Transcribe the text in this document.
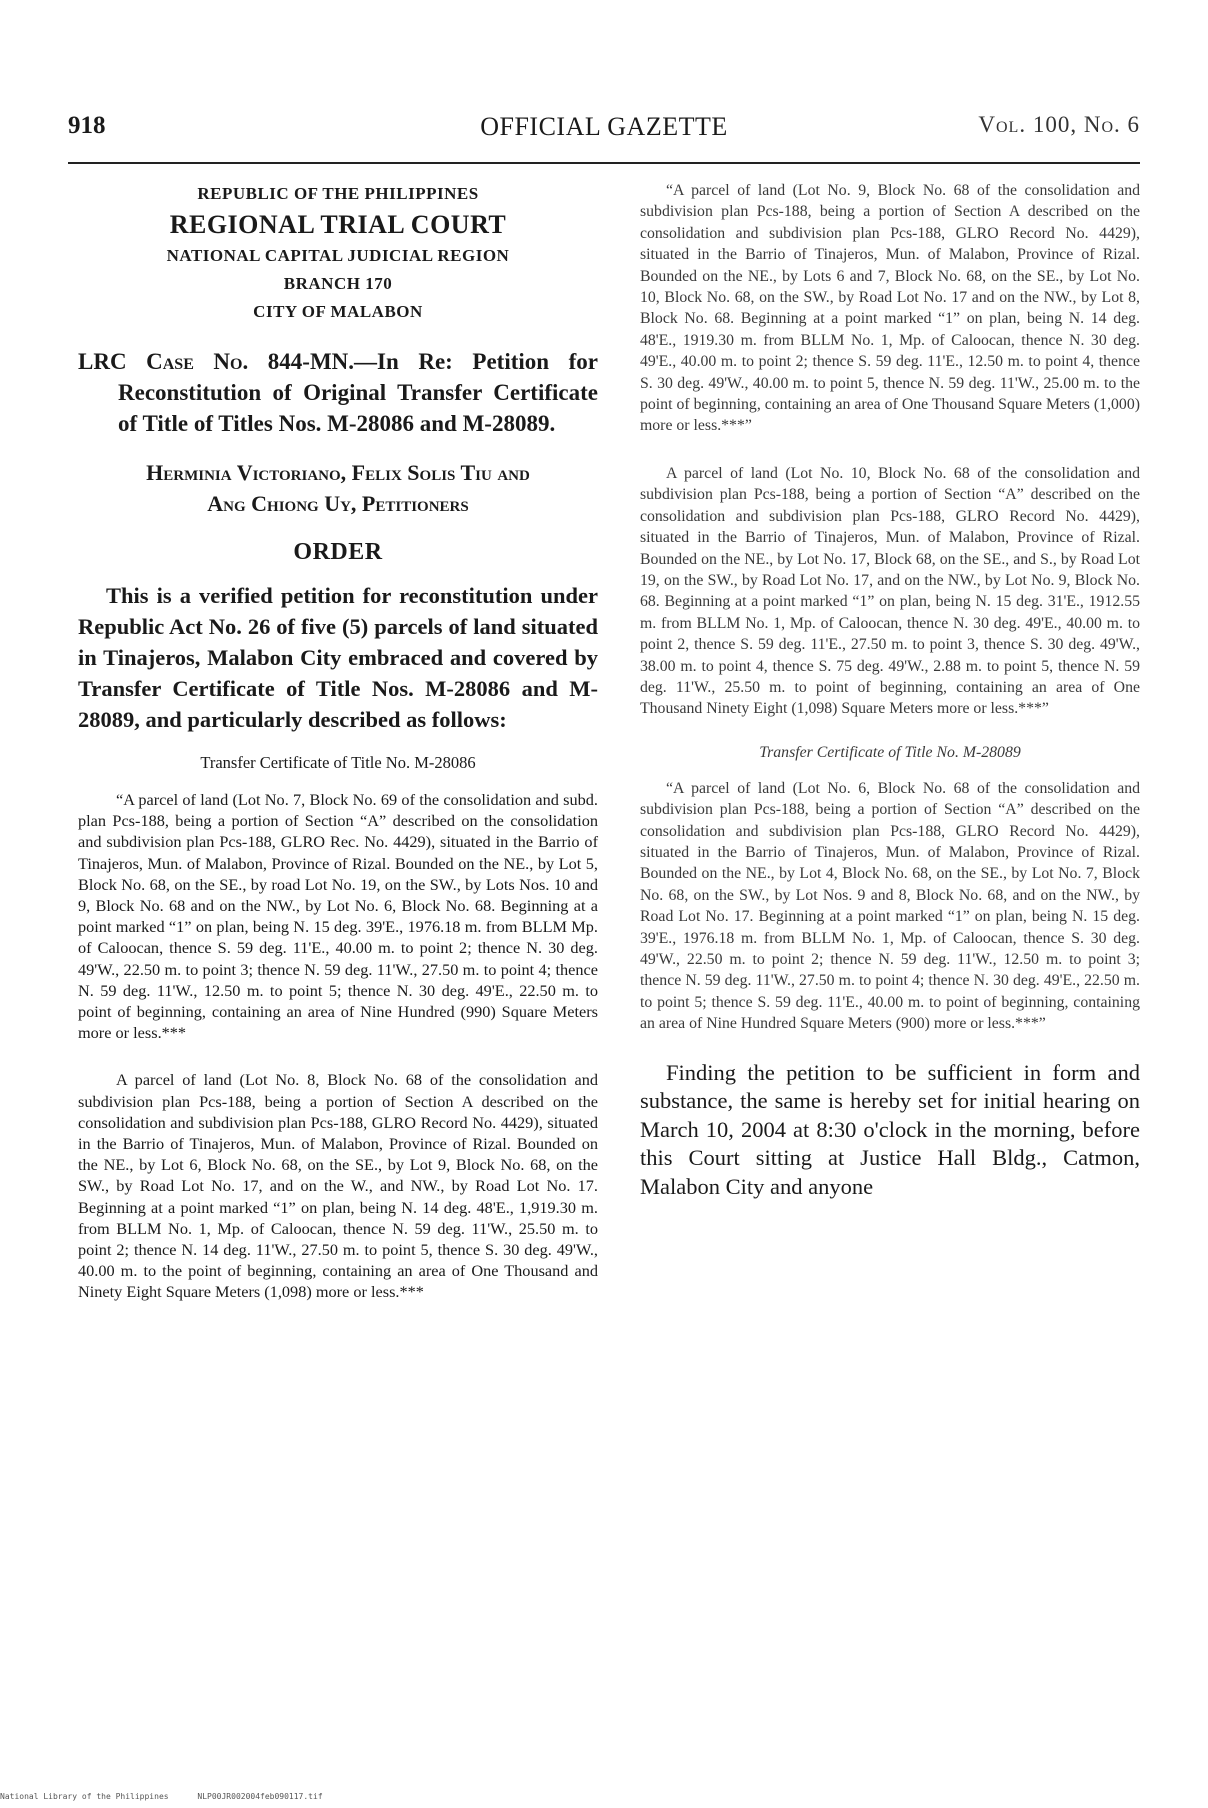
918	OFFICIAL GAZETTE	Vol. 100, No. 6

REPUBLIC OF THE PHILIPPINES

REGIONAL TRIAL COURT

NATIONAL CAPITAL JUDICIAL REGION

BRANCH 170

CITY OF MALABON

LRC Case No. 844-MN.—In Re: Petition for Reconstitution of Original Transfer Certificate of Title of Titles Nos. M-28086 and M-28089.

Herminia Victoriano, Felix Solis Tiu and
Ang Chiong Uy, Petitioners

ORDER

This is a verified petition for reconstitution under Republic Act No. 26 of five (5) parcels of land situated in Tinajeros, Malabon City embraced and covered by Transfer Certificate of Title Nos. M-28086 and M-28089, and particularly described as follows:

Transfer Certificate of Title No. M-28086

“A parcel of land (Lot No. 7, Block No. 69 of the consolidation and subd. plan Pcs-188, being a portion of Section “A” described on the consolidation and subdivision plan Pcs-188, GLRO Rec. No. 4429), situated in the Barrio of Tinajeros, Mun. of Malabon, Province of Rizal. Bounded on the NE., by Lot 5, Block No. 68, on the SE., by road Lot No. 19, on the SW., by Lots Nos. 10 and 9, Block No. 68 and on the NW., by Lot No. 6, Block No. 68. Beginning at a point marked “1” on plan, being N. 15 deg. 39'E., 1976.18 m. from BLLM Mp. of Caloocan, thence S. 59 deg. 11'E., 40.00 m. to point 2; thence N. 30 deg. 49'W., 22.50 m. to point 3; thence N. 59 deg. 11'W., 27.50 m. to point 4; thence N. 59 deg. 11'W., 12.50 m. to point 5; thence N. 30 deg. 49'E., 22.50 m. to point of beginning, containing an area of Nine Hundred (990) Square Meters more or less.***

A parcel of land (Lot No. 8, Block No. 68 of the consolidation and subdivision plan Pcs-188, being a portion of Section A described on the consolidation and subdivision plan Pcs-188, GLRO Record No. 4429), situated in the Barrio of Tinajeros, Mun. of Malabon, Province of Rizal. Bounded on the NE., by Lot 6, Block No. 68, on the SE., by Lot 9, Block No. 68, on the SW., by Road Lot No. 17, and on the W., and NW., by Road Lot No. 17. Beginning at a point marked “1” on plan, being N. 14 deg. 48'E., 1,919.30 m. from BLLM No. 1, Mp. of Caloocan, thence N. 59 deg. 11'W., 25.50 m. to point 2; thence N. 14 deg. 11'W., 27.50 m. to point 5, thence S. 30 deg. 49'W., 40.00 m. to the point of beginning, containing an area of One Thousand and Ninety Eight Square Meters (1,098) more or less.***

“A parcel of land (Lot No. 9, Block No. 68 of the consolidation and subdivision plan Pcs-188, being a portion of Section A described on the consolidation and subdivision plan Pcs-188, GLRO Record No. 4429), situated in the Barrio of Tinajeros, Mun. of Malabon, Province of Rizal. Bounded on the NE., by Lots 6 and 7, Block No. 68, on the SE., by Lot No. 10, Block No. 68, on the SW., by Road Lot No. 17 and on the NW., by Lot 8, Block No. 68. Beginning at a point marked “1” on plan, being N. 14 deg. 48'E., 1919.30 m. from BLLM No. 1, Mp. of Caloocan, thence N. 30 deg. 49'E., 40.00 m. to point 2; thence S. 59 deg. 11'E., 12.50 m. to point 4, thence S. 30 deg. 49'W., 40.00 m. to point 5, thence N. 59 deg. 11'W., 25.00 m. to the point of beginning, containing an area of One Thousand Square Meters (1,000) more or less.***”

A parcel of land (Lot No. 10, Block No. 68 of the consolidation and subdivision plan Pcs-188, being a portion of Section “A” described on the consolidation and subdivision plan Pcs-188, GLRO Record No. 4429), situated in the Barrio of Tinajeros, Mun. of Malabon, Province of Rizal. Bounded on the NE., by Lot No. 17, Block 68, on the SE., and S., by Road Lot 19, on the SW., by Road Lot No. 17, and on the NW., by Lot No. 9, Block No. 68. Beginning at a point marked “1” on plan, being N. 15 deg. 31'E., 1912.55 m. from BLLM No. 1, Mp. of Caloocan, thence N. 30 deg. 49'E., 40.00 m. to point 2, thence S. 59 deg. 11'E., 27.50 m. to point 3, thence S. 30 deg. 49'W., 38.00 m. to point 4, thence S. 75 deg. 49'W., 2.88 m. to point 5, thence N. 59 deg. 11'W., 25.50 m. to point of beginning, containing an area of One Thousand Ninety Eight (1,098) Square Meters more or less.***”

Transfer Certificate of Title No. M-28089

“A parcel of land (Lot No. 6, Block No. 68 of the consolidation and subdivision plan Pcs-188, being a portion of Section “A” described on the consolidation and subdivision plan Pcs-188, GLRO Record No. 4429), situated in the Barrio of Tinajeros, Mun. of Malabon, Province of Rizal. Bounded on the NE., by Lot 4, Block No. 68, on the SE., by Lot No. 7, Block No. 68, on the SW., by Lot Nos. 9 and 8, Block No. 68, and on the NW., by Road Lot No. 17. Beginning at a point marked “1” on plan, being N. 15 deg. 39'E., 1976.18 m. from BLLM No. 1, Mp. of Caloocan, thence S. 30 deg. 49'W., 22.50 m. to point 2; thence N. 59 deg. 11'W., 12.50 m. to point 3; thence N. 59 deg. 11'W., 27.50 m. to point 4; thence N. 30 deg. 49'E., 22.50 m. to point 5; thence S. 59 deg. 11'E., 40.00 m. to point of beginning, containing an area of Nine Hundred Square Meters (900) more or less.***”

Finding the petition to be sufficient in form and substance, the same is hereby set for initial hearing on March 10, 2004 at 8:30 o'clock in the morning, before this Court sitting at Justice Hall Bldg., Catmon, Malabon City and anyone

National Library of the Philippines	NLP00JR002004feb090117.tif
